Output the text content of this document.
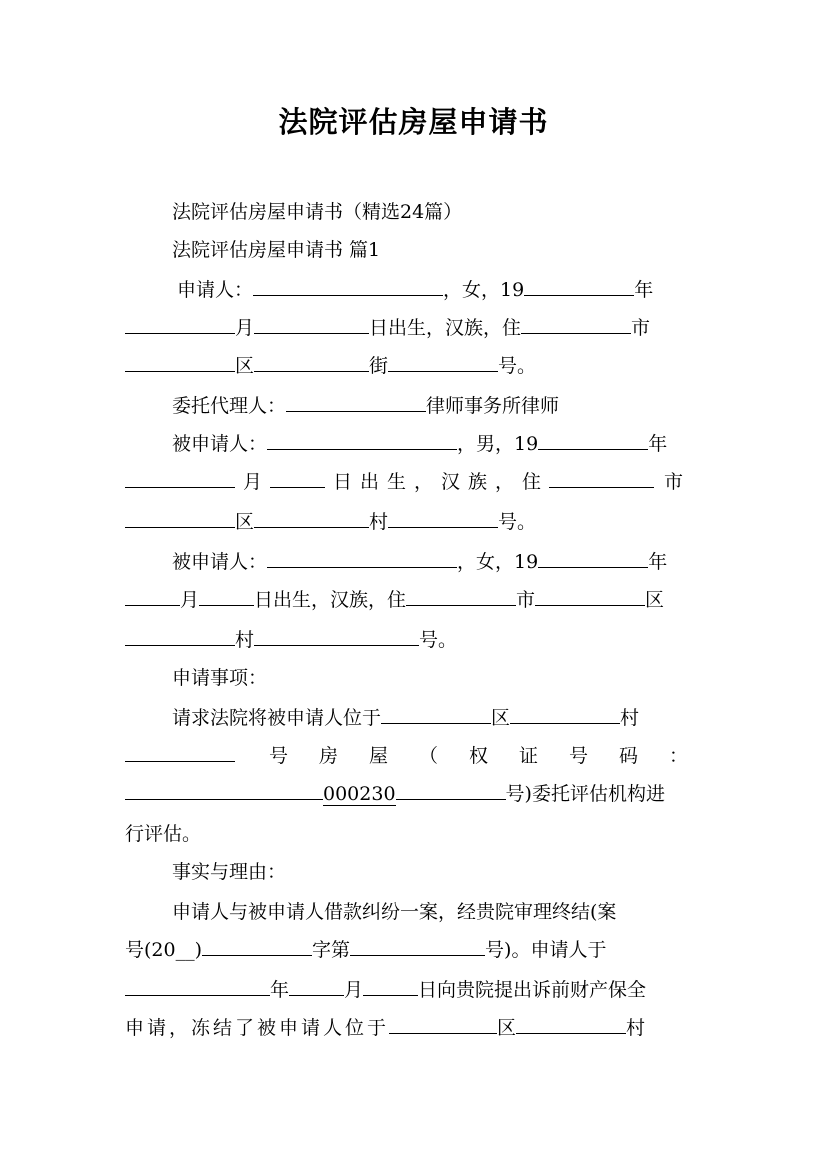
法院评估房屋申请书
法院评估房屋申请书（精选24篇）
法院评估房屋申请书 篇1
申请人：	，女，19	年
月	日出生，汉族，住	市
区	街	号。
委托代理人：	律师事务所律师
被申请人：	，男，19	年
月	日出生，汉族，住	市
区	村	号。
被申请人：	，女，19	年
月	日出生，汉族，住	市	区
村	号。
申请事项：
请求法院将被申请人位于	区	村
号房屋（权证号码：
000230	号)委托评估机构进
行评估。
事实与理由：
申请人与被申请人借款纠纷一案，经贵院审理终结(案
号(20__)	字第	号)。申请人于
年	月	日向贵院提出诉前财产保全
申请，冻结了被申请人位于	区	村
